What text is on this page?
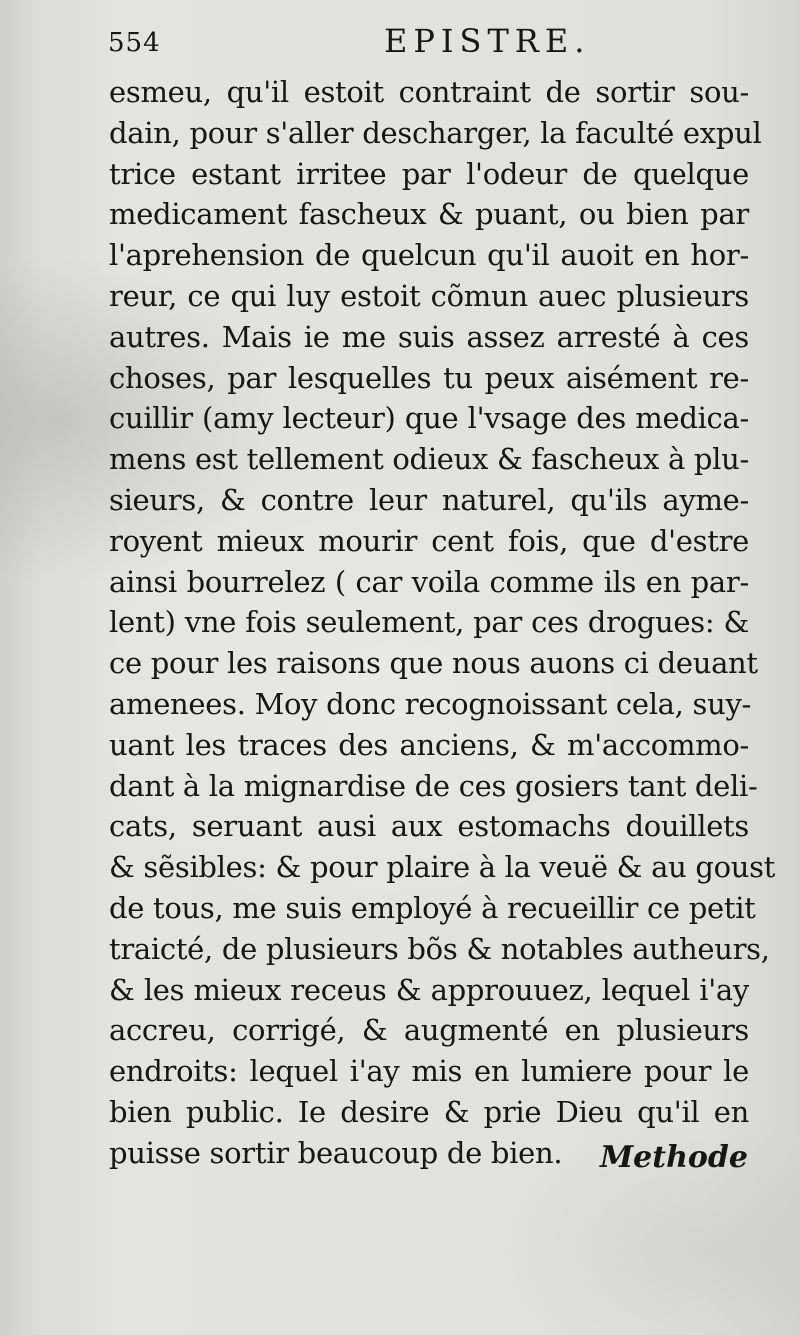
554	EPISTRE.
esmeu, qu'il estoit contraint de sortir sou-
dain, pour s'aller descharger, la faculté expul
trice estant irritee par l'odeur de quelque
medicament fascheux & puant, ou bien par
l'aprehension de quelcun qu'il auoit en hor-
reur, ce qui luy estoit cõmun auec plusieurs
autres. Mais ie me suis assez arresté à ces
choses, par lesquelles tu peux aisément re-
cuillir (amy lecteur) que l'vsage des medica-
mens est tellement odieux & fascheux à plu-
sieurs, & contre leur naturel, qu'ils ayme-
royent mieux mourir cent fois, que d'estre
ainsi bourrelez ( car voila comme ils en par-
lent) vne fois seulement, par ces drogues: &
ce pour les raisons que nous auons ci deuant
amenees. Moy donc recognoissant cela, suy-
uant les traces des anciens, & m'accommo-
dant à la mignardise de ces gosiers tant deli-
cats, seruant ausi aux estomachs douillets
& sẽsibles: & pour plaire à la veuë & au goust
de tous, me suis employé à recueillir ce petit
traicté, de plusieurs bõs & notables autheurs,
& les mieux receus & approuuez, lequel i'ay
accreu, corrigé, & augmenté en plusieurs
endroits: lequel i'ay mis en lumiere pour le
bien public. Ie desire & prie Dieu qu'il en
puisse sortir beaucoup de bien.	Methode
